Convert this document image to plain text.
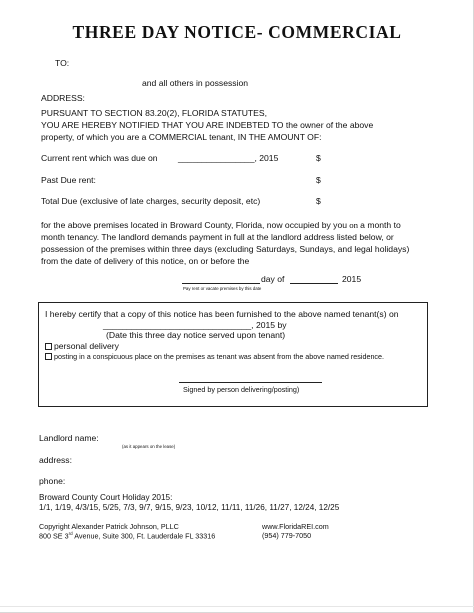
THREE DAY NOTICE- COMMERCIAL
TO:
and all others in possession
ADDRESS:
PURSUANT TO SECTION 83.20(2), FLORIDA STATUTES,
YOU ARE HEREBY NOTIFIED THAT YOU ARE INDEBTED TO the owner of the above
property, of which you are a COMMERCIAL tenant, IN THE AMOUNT OF:
Current rent which was due on ________________, 2015	$
Past Due rent:	$
Total Due (exclusive of late charges, security deposit, etc)	$
for the above premises located in Broward County, Florida, now occupied by you on a month to
month tenancy. The landlord demands payment in full at the landlord address listed below, or
possession of the premises within three days (excluding Saturdays, Sundays, and legal holidays)
from the date of delivery of this notice, on or before the
day of	2015
Pay rent or vacate premises by this date
I hereby certify that a copy of this notice has been furnished to the above named tenant(s) on
_______________________________, 2015 by
(Date this three day notice served upon tenant)
personal delivery
posting in a conspicuous place on the premises as tenant was absent from the above named residence.
Signed by person delivering/posting)
Landlord name:
(as it appears on the lease)
address:
phone:
Broward County Court Holiday 2015:
1/1, 1/19, 4/3/15, 5/25, 7/3, 9/7, 9/15, 9/23, 10/12, 11/11, 11/26, 11/27, 12/24, 12/25
Copyright Alexander Patrick Johnson, PLLC
800 SE 3rd Avenue, Suite 300, Ft. Lauderdale FL 33316
www.FloridaREI.com
(954) 779-7050
